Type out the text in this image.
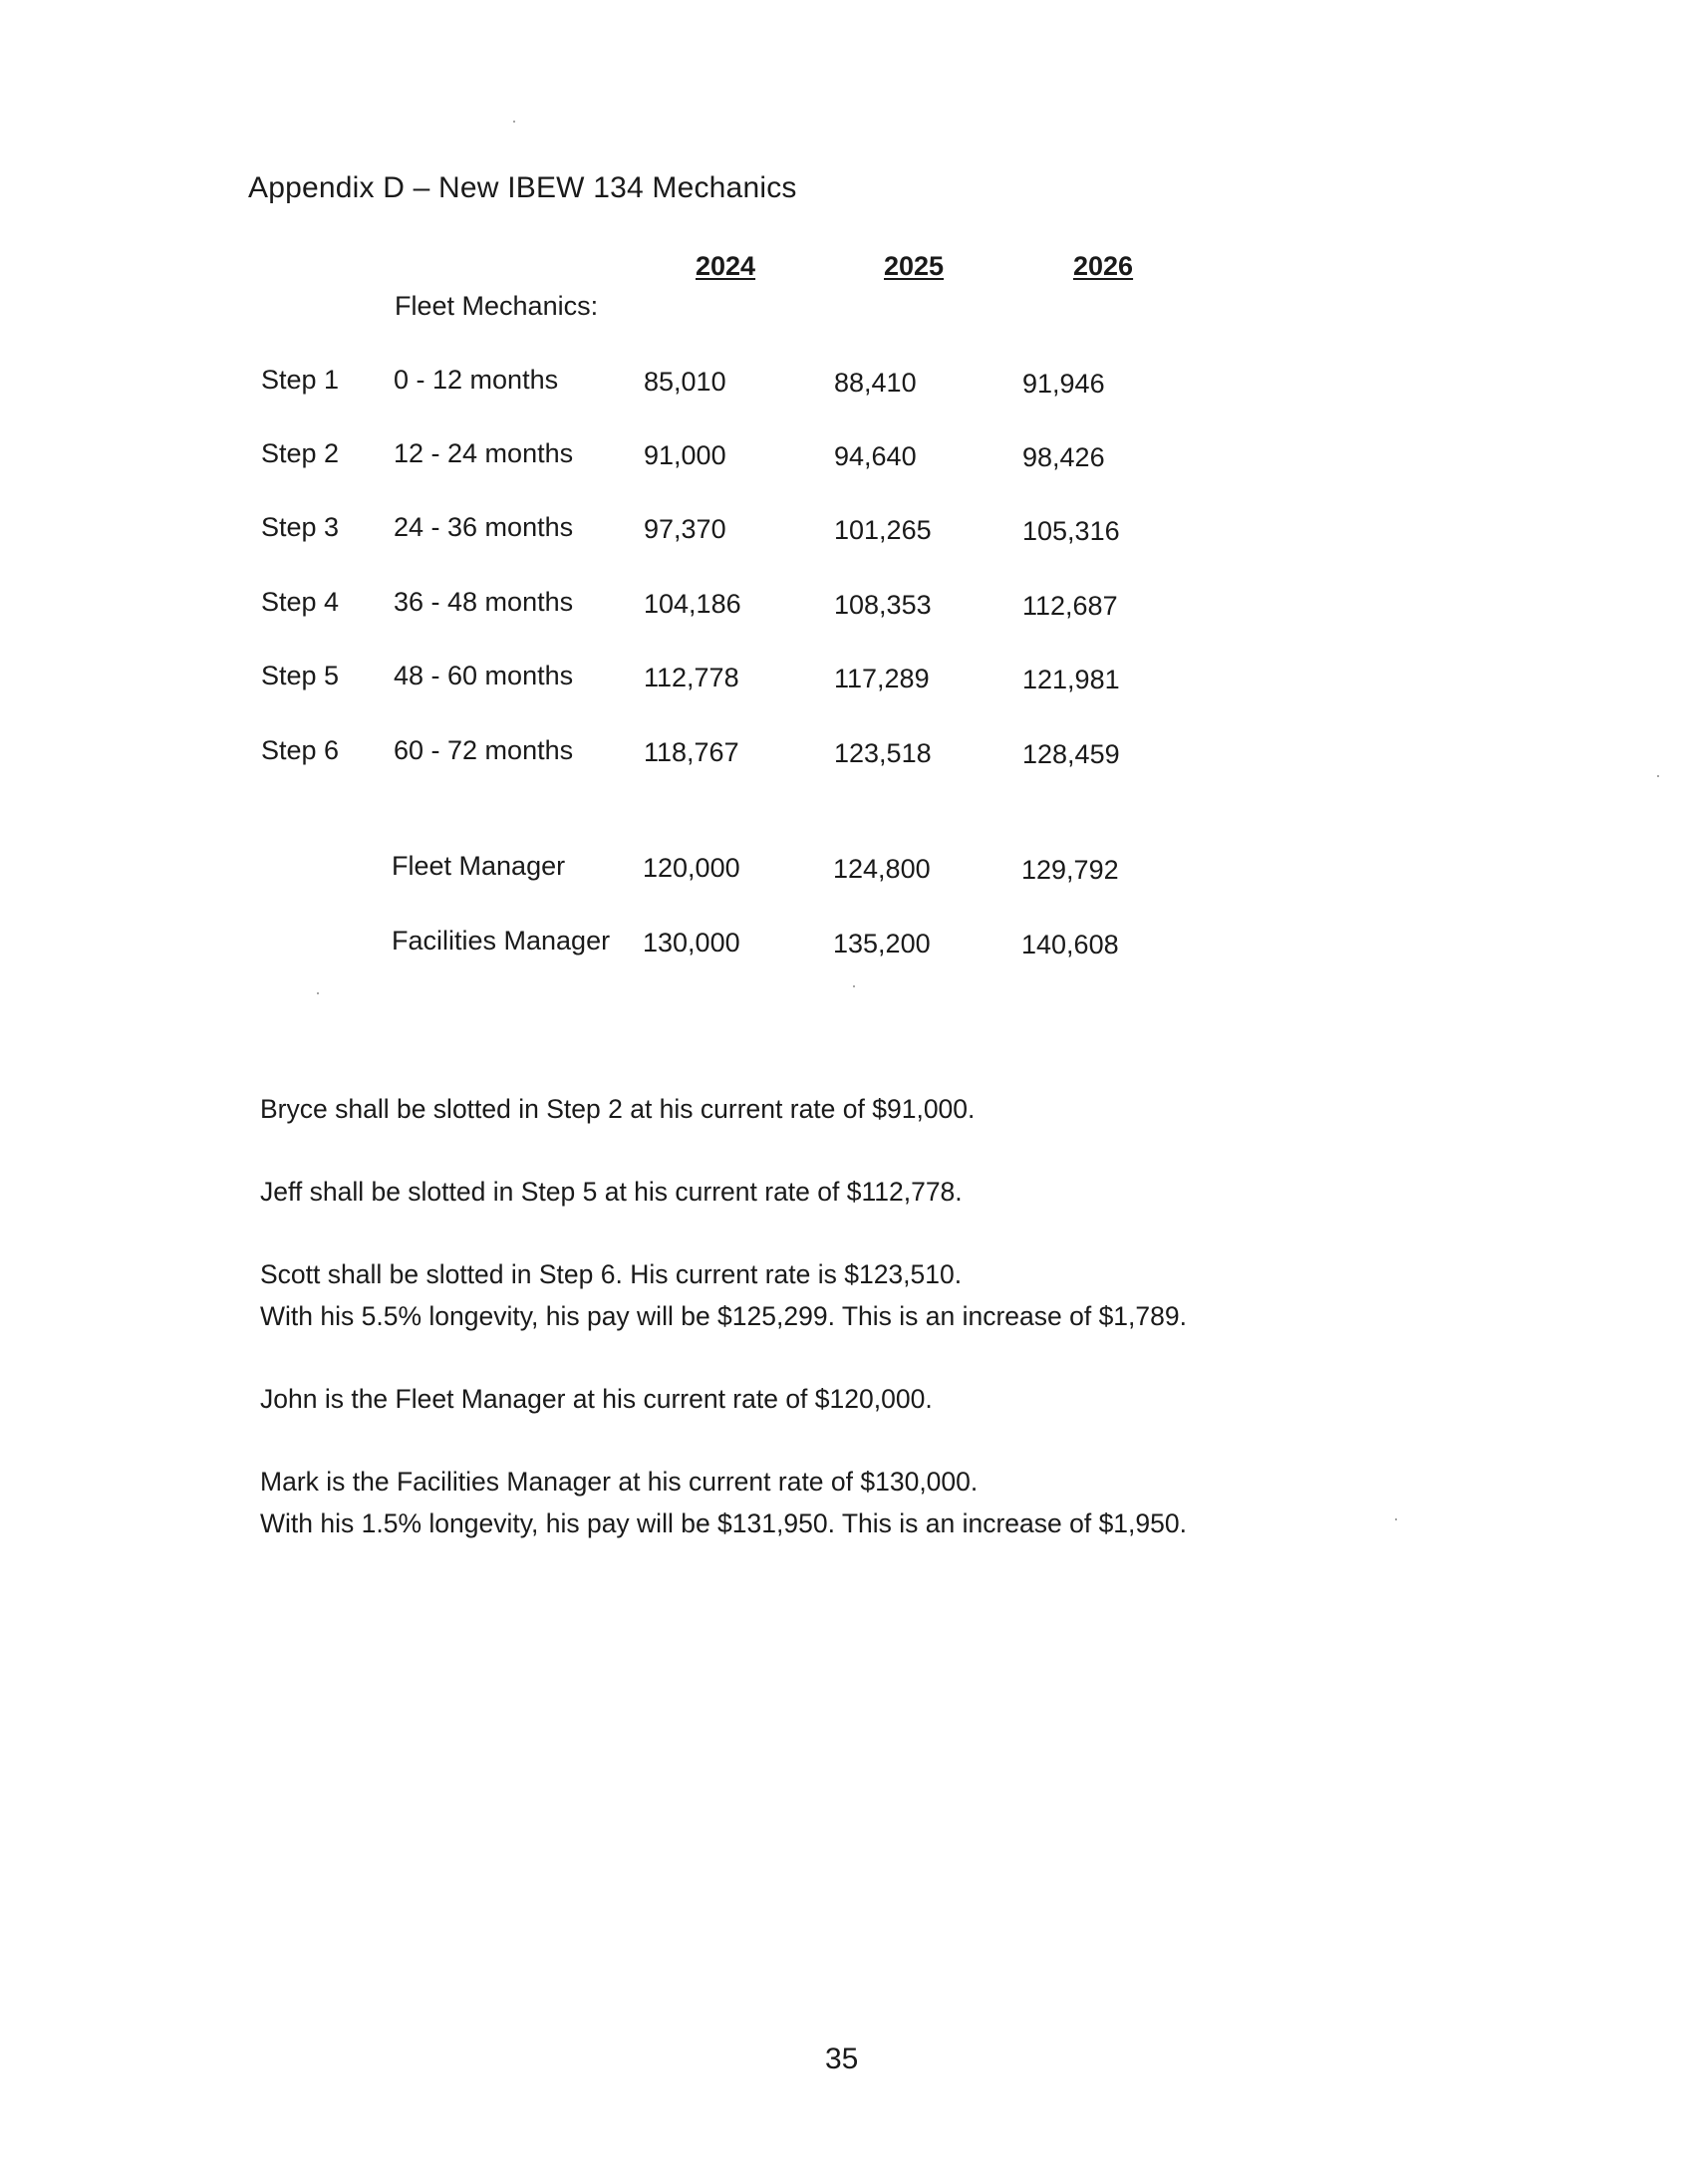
Appendix D – New IBEW 134 Mechanics
2024	2025	2026
Fleet Mechanics:
Step 1 0 - 12 months	85,010	88,410	91,946
Step 2 12 - 24 months	91,000	94,640	98,426
Step 3 24 - 36 months	97,370	101,265	105,316
Step 4 36 - 48 months	104,186	108,353	112,687
Step 5 48 - 60 months	112,778	117,289	121,981
Step 6 60 - 72 months	118,767	123,518	128,459
Fleet Manager	120,000	124,800	129,792
Facilities Manager 130,000	135,200	140,608
Bryce shall be slotted in Step 2 at his current rate of $91,000.
Jeff shall be slotted in Step 5 at his current rate of $112,778.
Scott shall be slotted in Step 6. His current rate is $123,510.
With his 5.5% longevity, his pay will be $125,299. This is an increase of $1,789.
John is the Fleet Manager at his current rate of $120,000.
Mark is the Facilities Manager at his current rate of $130,000.
With his 1.5% longevity, his pay will be $131,950. This is an increase of $1,950.
35
